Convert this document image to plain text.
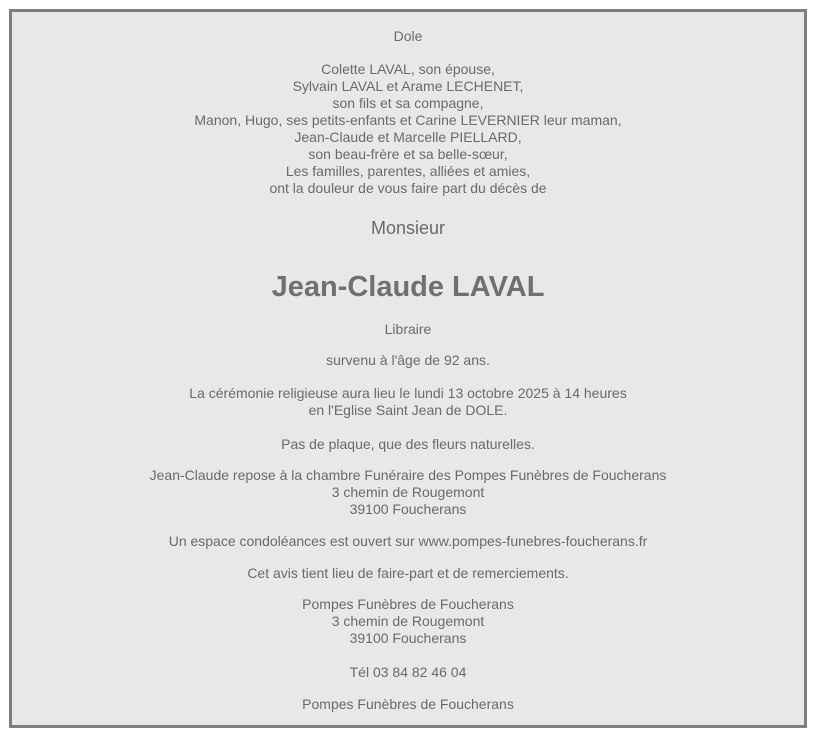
Dole
Colette LAVAL, son épouse,
Sylvain LAVAL et Arame LECHENET,
son fils et sa compagne,
Manon, Hugo, ses petits-enfants et Carine LEVERNIER leur maman,
Jean-Claude et Marcelle PIELLARD,
son beau-frère et sa belle-sœur,
Les familles, parentes, alliées et amies,
ont la douleur de vous faire part du décès de
Monsieur
Jean-Claude LAVAL
Libraire
survenu à l'âge de 92 ans.
La cérémonie religieuse aura lieu le lundi 13 octobre 2025 à 14 heures
en l'Eglise Saint Jean de DOLE.
Pas de plaque, que des fleurs naturelles.
Jean-Claude repose à la chambre Funéraire des Pompes Funèbres de Foucherans
3 chemin de Rougemont
39100 Foucherans
Un espace condoléances est ouvert sur www.pompes-funebres-foucherans.fr
Cet avis tient lieu de faire-part et de remerciements.
Pompes Funèbres de Foucherans
3 chemin de Rougemont
39100 Foucherans
Tél 03 84 82 46 04
Pompes Funèbres de Foucherans
